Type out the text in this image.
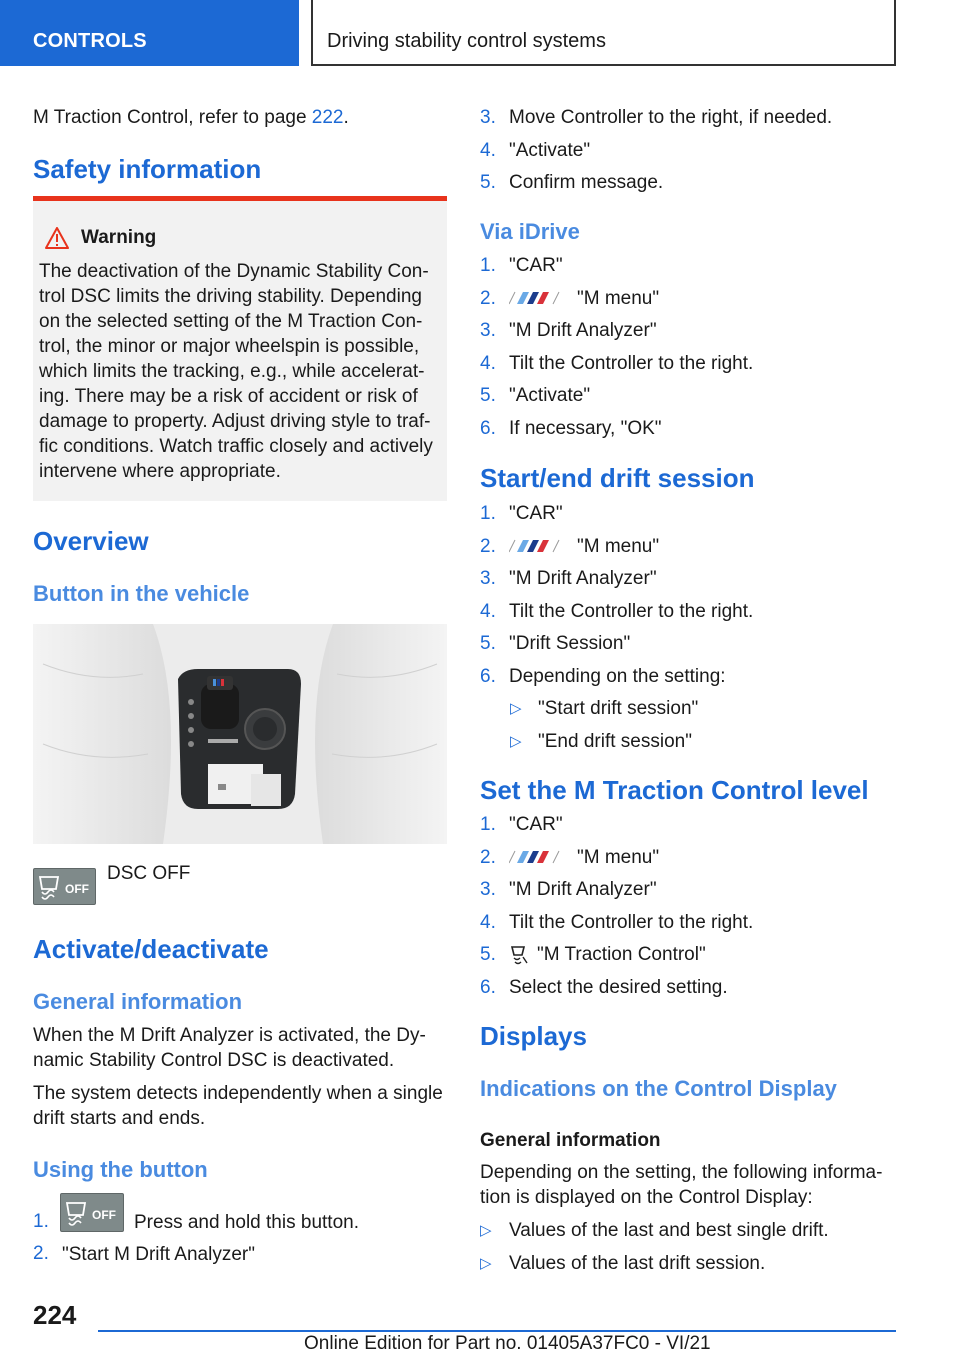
CONTROLS	Driving stability control systems
M Traction Control, refer to page 222.
Safety information
Warning
The deactivation of the Dynamic Stability Con-
trol DSC limits the driving stability. Depending
on the selected setting of the M Traction Con-
trol, the minor or major wheelspin is possible,
which limits the tracking, e.g., while accelerat-
ing. There may be a risk of accident or risk of
damage to property. Adjust driving style to traf-
fic conditions. Watch traffic closely and actively
intervene where appropriate.
Overview
Button in the vehicle
OFF
DSC OFF
Activate/deactivate
General information
When the M Drift Analyzer is activated, the Dy-
namic Stability Control DSC is deactivated.
The system detects independently when a single
drift starts and ends.
Using the button
1.	OFF Press and hold this button.
2. "Start M Drift Analyzer"
3. Move Controller to the right, if needed.
4. "Activate"
5. Confirm message.
Via iDrive
1. "CAR"
2.	"M menu"
3. "M Drift Analyzer"
4. Tilt the Controller to the right.
5. "Activate"
6. If necessary, "OK"
Start/end drift session
1. "CAR"
2.	"M menu"
3. "M Drift Analyzer"
4. Tilt the Controller to the right.
5. "Drift Session"
6. Depending on the setting:
▷ "Start drift session"
▷ "End drift session"
Set the M Traction Control level
1. "CAR"
2.	"M menu"
3. "M Drift Analyzer"
4. Tilt the Controller to the right.
5. "M Traction Control"
6. Select the desired setting.
Displays
Indications on the Control Display
General information
Depending on the setting, the following informa-
tion is displayed on the Control Display:
▷ Values of the last and best single drift.
▷ Values of the last drift session.
224
Online Edition for Part no. 01405A37FC0 - VI/21
